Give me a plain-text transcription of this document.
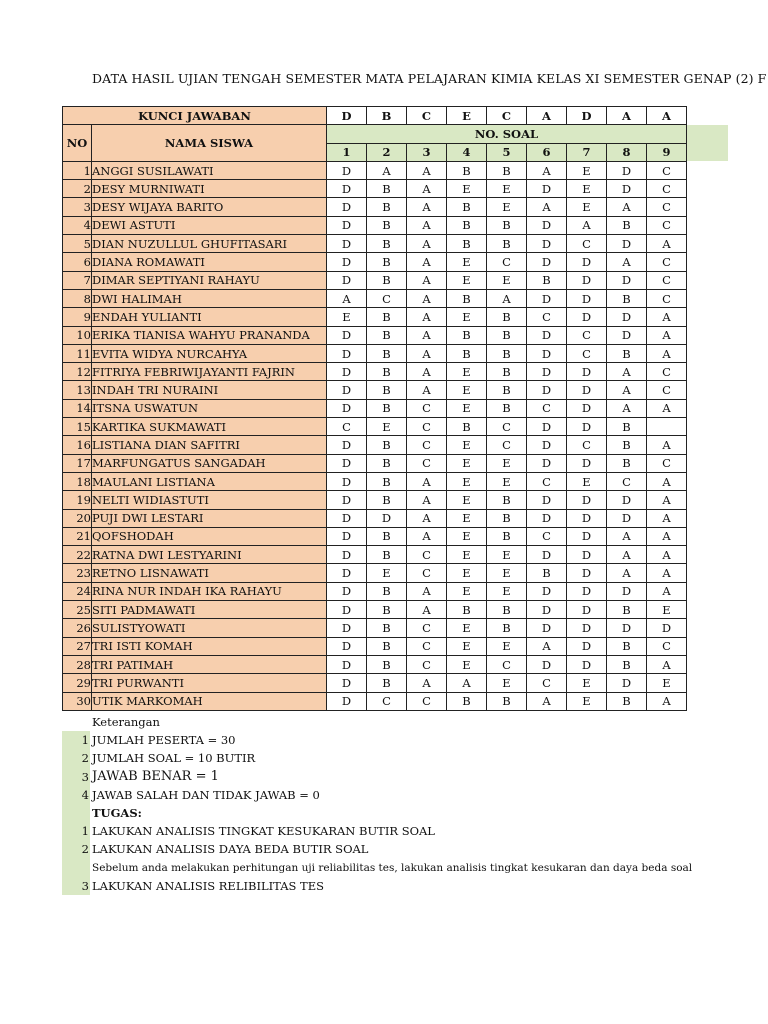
DATA HASIL UJIAN TENGAH SEMESTER MATA PELAJARAN KIMIA KELAS XI SEMESTER GENAP (2) F
KUNCI JAWABAN		D	B	C	E	C	A	D	A	A	
NO	NAMA SISWA	NO. SOAL									
		1	2	3	4	5	6	7	8	9	
1	ANGGI SUSILAWATI	D	A	A	B	B	A	E	D	C	
2	DESY MURNIWATI	D	B	A	E	E	D	E	D	C	
3	DESY WIJAYA BARITO	D	B	A	B	E	A	E	A	C	
4	DEWI ASTUTI	D	B	A	B	B	D	A	B	C	
5	DIAN NUZULLUL GHUFITASARI	D	B	A	B	B	D	C	D	A	
6	DIANA ROMAWATI	D	B	A	E	C	D	D	A	C	
7	DIMAR SEPTIYANI RAHAYU	D	B	A	E	E	B	D	D	C	
8	DWI HALIMAH	A	C	A	B	A	D	D	B	C	
9	ENDAH YULIANTI	E	B	A	E	B	C	D	D	A	
10	ERIKA TIANISA WAHYU PRANANDA	D	B	A	B	B	D	C	D	A	
11	EVITA WIDYA NURCAHYA	D	B	A	B	B	D	C	B	A	
12	FITRIYA FEBRIWIJAYANTI FAJRIN	D	B	A	E	B	D	D	A	C	
13	INDAH TRI NURAINI	D	B	A	E	B	D	D	A	C	
14	ITSNA USWATUN	D	B	C	E	B	C	D	A	A	
15	KARTIKA SUKMAWATI	C	E	C	B	C	D	D	B		
16	LISTIANA DIAN SAFITRI	D	B	C	E	C	D	C	B	A	
17	MARFUNGATUS SANGADAH	D	B	C	E	E	D	D	B	C	
18	MAULANI LISTIANA	D	B	A	E	E	C	E	C	A	
19	NELTI WIDIASTUTI	D	B	A	E	B	D	D	D	A	
20	PUJI DWI LESTARI	D	D	A	E	B	D	D	D	A	
21	QOFSHODAH	D	B	A	E	B	C	D	A	A	
22	RATNA DWI LESTYARINI	D	B	C	E	E	D	D	A	A	
23	RETNO LISNAWATI	D	E	C	E	E	B	D	A	A	
24	RINA NUR INDAH IKA RAHAYU	D	B	A	E	E	D	D	D	A	
25	SITI PADMAWATI	D	B	A	B	B	D	D	B	E	
26	SULISTYOWATI	D	B	C	E	B	D	D	D	D	
27	TRI ISTI KOMAH	D	B	C	E	E	A	D	B	C	
28	TRI PATIMAH	D	B	C	E	C	D	D	B	A	
29	TRI PURWANTI	D	B	A	A	E	C	E	D	E	
30	UTIK MARKOMAH	D	C	C	B	B	A	E	B	A	
Keterangan
1 JUMLAH PESERTA = 30
2 JUMLAH SOAL = 10 BUTIR
3 JAWAB BENAR = 1
4 JAWAB SALAH DAN TIDAK JAWAB = 0
TUGAS:
1 LAKUKAN ANALISIS TINGKAT KESUKARAN BUTIR SOAL
2 LAKUKAN ANALISIS DAYA BEDA BUTIR SOAL
Sebelum anda melakukan perhitungan uji reliabilitas tes, lakukan analisis tingkat kesukaran dan daya beda soal
3 LAKUKAN ANALISIS RELIBILITAS TES
